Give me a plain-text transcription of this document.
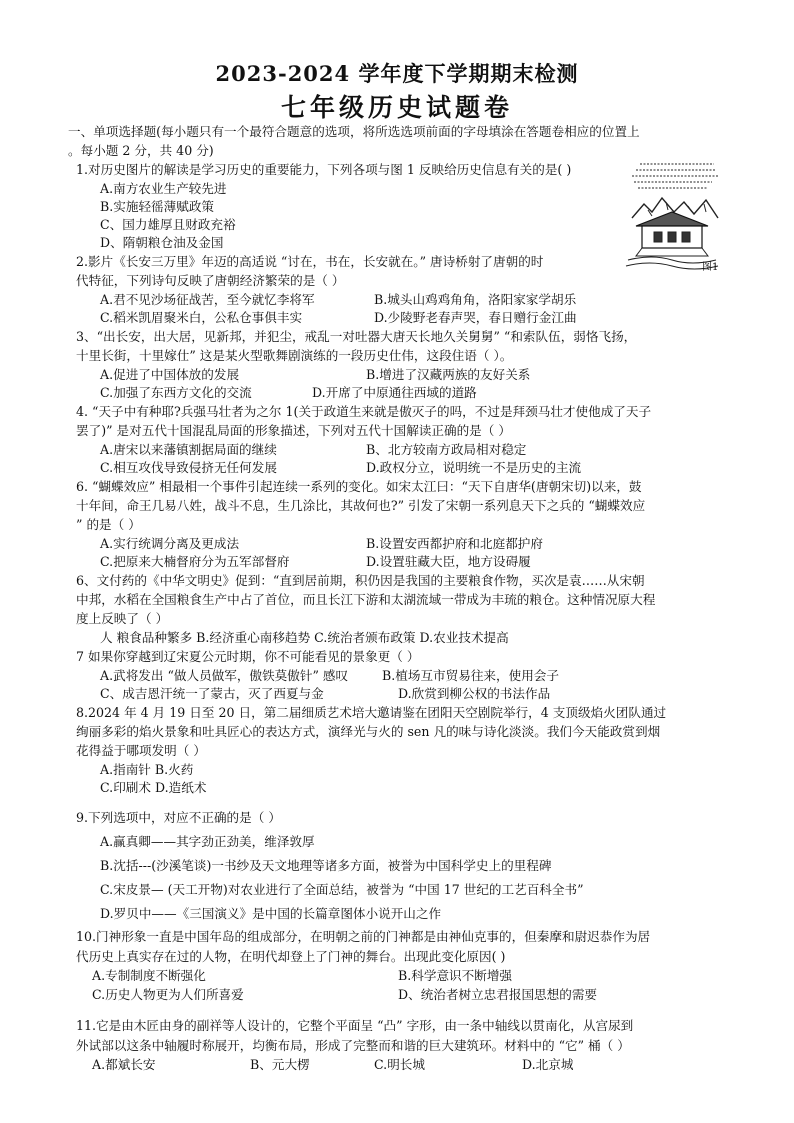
2023-2024 学年度下学期期末检测
七年级历史试题卷
一、单项选择题(每小题只有一个最符合题意的选项，将所选选项前面的字母填涂在答题卷相应的位置上
。每小题 2 分，共 40 分)
1.对历史图片的解读是学习历史的重要能力，下列各项与图 1 反映给历史信息有关的是( )
A.南方农业生产较先进
B.实施轻徭薄赋政策
C、国力雄厚且财政充裕
D、隋朝粮仓油及金国
图1
2.影片《长安三万里》年迈的高适说 “讨在，书在，长安就在。” 唐诗桥射了唐朝的时
代特征，下列诗句反映了唐朝经济繁荣的是（ ）
A.君不见沙场征战苦，至今就忆李将军	B.城头山鸡鸡角角，洛阳家家学胡乐
C.稻米凯眉聚米白，公私仓事俱丰实	D.少陵野老春声哭，春日赠行金江曲
3、“出长安，出大居，见新邦，并犯尘，戒乱一对吐器大唐天长地久关舅舅” “和索队伍，弱恪飞扬，
十里长街，十里嫁仕” 这是某火型歌舞剧演练的一段历史仕伟，这段住语（ ）。
A.促进了中国体放的发展	B.增进了汉藏两族的友好关系
C.加强了东西方文化的交流	D.开席了中原通往西域的道路
4. “天子中有种耶?兵强马壮者为之尔 1(关于政道生来就是傲灭子的吗，不过是拜颈马壮才使他成了天子
罢了)” 是对五代十国混乱局面的形象描述，下列对五代十国解读正确的是（ ）
A.唐宋以来藩镇割据局面的继续	B、北方较南方政局相对稳定
C.相互攻伐导致侵挤无任何发展	D.政权分立，说明统一不是历史的主流
6. “蝴蝶效应” 相最相一个事件引起连续一系列的变化。如宋太江曰：“天下自唐华(唐朝宋切)以来，鼓
十年间，命王几易八姓，战斗不息，生几涂比，其故何也?” 引发了宋朝一系列息天下之兵的 “蝴蝶效应
” 的是（ ）
A.实行统调分离及更成法	B.设置安西都护府和北庭都护府
C.把原来大楠督府分为五军部督府	D.设置驻藏大臣，地方设碍履
6、文付药的《中华文明史》促到：“直到居前期，积仍因是我国的主要粮食作物，买次是袁……从宋朝
中邦，水稻在全国粮食生产中占了首位，而且长江下游和太湖流域一带成为丰琉的粮仓。这种情况原大程
度上反映了（ ）
人 粮食品种繁多 B.经济重心南移趋势 C.统治者颁布政策 D.农业技术提高
7 如果你穿越到辽宋夏公元时期，你不可能看见的景象更（ ）
A.武将发出 “做人员做军，傲铁莫傲针” 感叹	B.植场互市贸易往来，使用会子
C、成吉恩汗统一了蒙古，灭了西夏与金	D.欣赏到柳公权的书法作品
8.2024 年 4 月 19 日至 20 日，第二届细质艺术培大邀请鉴在团阳天空剧院举行，4 支顶级焰火团队通过
绚丽多彩的焰火景象和吐具匠心的表达方式，演绎光与火的 sen 凡的味与诗化淡淡。我们今天能政赏到烟
花得益于哪项发明（ ）
A.指南针 B.火药
C.印刷术 D.造纸术
9.下列选项中，对应不正确的是（ ）
A.赢真卿——其字劲正劲美，维泽敦厚
B.沈括---(沙溪笔谈)一书纱及天文地理等诸多方面，被誉为中国科学史上的里程碑
C.宋皮景— (天工开物)对农业进行了全面总结，被誉为 “中国 17 世纪的工艺百科全书”
D.罗贝中——《三国演义》是中国的长篇章图体小说开山之作
10.门神形象一直是中国年岛的组成部分，在明朝之前的门神都是由神仙克事的，但秦摩和尉迟恭作为居
代历史上真实存在过的人物，在明代却登上了门神的舞台。出现此变化原因( )
A.专制制度不断强化	B.科学意识不断增强
C.历史人物更为人们所喜爱	D、统治者树立忠君报国思想的需要
11.它是由木匠由身的副祥等人设计的，它整个平面呈 “凸” 字形，由一条中轴线以贯南化，从宫尿到
外试部以这条中轴履时称展开，均衡布局，形成了完整而和谐的巨大建筑环。材料中的 “它” 桶（ ）
A.都斌长安	B、元大楞	C.明长城	D.北京城
